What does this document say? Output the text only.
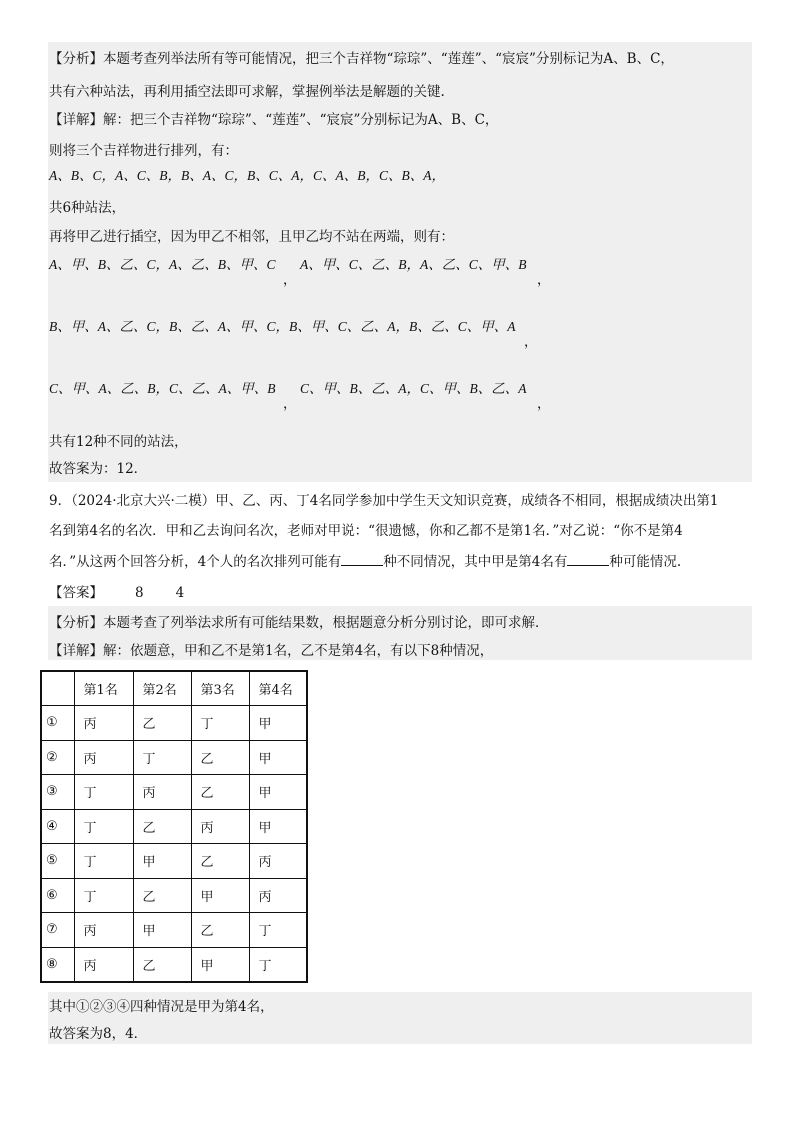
【分析】本题考查列举法所有等可能情况，把三个吉祥物“琮琮”、“莲莲”、“宸宸”分别标记为A、B、C，
共有六种站法，再利用插空法即可求解，掌握例举法是解题的关键.
【详解】解：把三个吉祥物“琮琮”、“莲莲”、“宸宸”分别标记为A、B、C，
则将三个吉祥物进行排列，有：
A、B、C，A、C、B，B、A、C，B、C、A，C、A、B，C、B、A，
共6种站法，
再将甲乙进行插空，因为甲乙不相邻，且甲乙均不站在两端，则有：
A、甲、B、乙、C，A、乙、B、甲、C
，
A、甲、C、乙、B，A、乙、C、甲、B
，
B、甲、A、乙、C，B、乙、A、甲、C，B、甲、C、乙、A，B、乙、C、甲、A
，
C、甲、A、乙、B，C、乙、A、甲、B
，
C、甲、B、乙、A，C、甲、B、乙、A
，
共有12种不同的站法，
故答案为：12．
9．（2024·北京大兴·二模）甲、乙、丙、丁4名同学参加中学生天文知识竞赛，成绩各不相同，根据成绩决出第1
名到第4名的名次．甲和乙去询问名次，老师对甲说：“很遗憾，你和乙都不是第1名．”对乙说：“你不是第4
名．”从这两个回答分析，4个人的名次排列可能有	种不同情况，其中甲是第4名有	种可能情况.
【答案】 8 4
【分析】本题考查了列举法求所有可能结果数，根据题意分析分别讨论，即可求解．
【详解】解：依题意，甲和乙不是第1名，乙不是第4名，有以下8种情况，
	第1名	第2名	第3名	第4名
①	丙	乙	丁	甲
②	丙	丁	乙	甲
③	丁	丙	乙	甲
④	丁	乙	丙	甲
⑤	丁	甲	乙	丙
⑥	丁	乙	甲	丙
⑦	丙	甲	乙	丁
⑧	丙	乙	甲	丁
其中①②③④四种情况是甲为第4名，
故答案为8，4．
